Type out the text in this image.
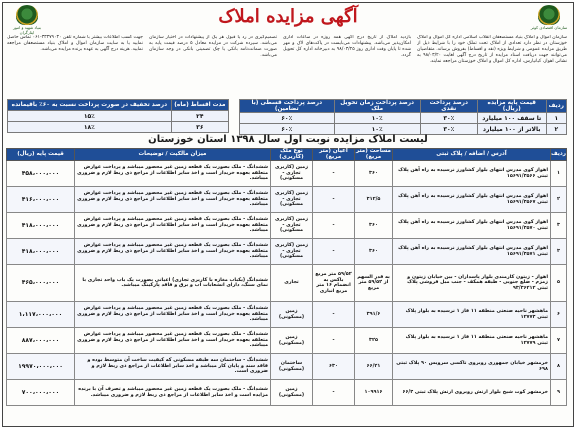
سازمان اقتصادی کوثر
آگهی مزایده املاک
بنیاد شهید و امور ایثارگران
سازمان اموال و املاک بنیاد مستضعفان انقلاب اسلامی اداره کل اموال و املاک خوزستان در نظر دارد تعدادی از املاک تحت تملک خود را با شرایط ذیل از طریق مزایده عمومی و شرایط ویژه (نقد و اقساط) بفروش برساند. متقاضیان می‌توانند جهت دریافت اسناد مزایده از تاریخ درج آگهی لغایت ۹۸/۰۳/۲۰ به نشانی اهواز، کیانپارس، اداره کل اموال و املاک خوزستان مراجعه نمایند.
بازدید املاک از تاریخ درج آگهی همه روزه در ساعات اداری امکان‌پذیر می‌باشد. پیشنهادات می‌بایست در پاکت‌های لاک و مهر شده تا پایان وقت اداری روز ۹۸/۰۳/۲۵ به دبیرخانه اداره کل تحویل گردد.
تصمیم‌گیری در رد یا قبول هر یک از پیشنهادات در اختیار سازمان می‌باشد. سپرده شرکت در مزایده معادل ۵ درصد قیمت پایه به صورت ضمانت‌نامه بانکی یا چک تضمینی بانکی در وجه سازمان می‌باشد.
جهت کسب اطلاعات بیشتر با شماره تلفن ۳۳۳۷۹۰۳۰-۰۶۱ تماس حاصل نمایید یا به سایت سازمان اموال و املاک بنیاد مستضعفان مراجعه نمایید. هزینه درج آگهی به عهده برنده مزایده می‌باشد.
ردیف	قیمت پایه مزایده (ریال)	درصد پرداخت نقدی	درصد پرداخت زمان تحویل ملک	درصد پرداخت قسطی (با تضامین)
۱	تا سقف ۱۰۰ میلیارد	۳۰٪	۱۰٪	۶۰٪
۲	بالاتر از ۱۰۰ میلیارد	۳۰٪	۱۰٪	۶۰٪
مدت اقساط (ماه)	درصد تخفیف در صورت پرداخت نسبت به ۶۰٪ باقیمانده
۲۴	۱۵٪
۳۶	۱۸٪
لیست املاک مزایده نوبت اول سال ۱۳۹۸ استان خوزستان
ردیف	آدرس / اضافه / پلاک ثبتی	مساحت (متر مربع)	اعیان (متر مربع)	نوع ملک (کاربری)	میزان مالکیت / توضیحات	قیمت پایه (ریال)
۱	اهواز کوی مدرس انتهای بلوار کشاورز نرسیده به راه آهن پلاک ثبتی ۱۵۶۹۱/۴۵۶۶	۳۶۰	-	زمین (کاربری تجاری - مسکونی)	ششدانگ - ملک بصورت یک قطعه زمین غیر محصور میباشد و پرداخت عوارض متعلقه بعهده خریدار است و اخذ سایر اطلاعات از مراجع ذی ربط لازم و ضروری میباشد.	۴۵۸،۰۰۰،۰۰۰
۲	اهواز کوی مدرس انتهای بلوار کشاورز نرسیده به راه آهن پلاک ثبتی ۱۵۶۹۱/۴۵۶۷	۴۱۲/۵	-	زمین (کاربری تجاری - مسکونی)	ششدانگ - ملک بصورت یک قطعه زمین غیر محصور میباشد و پرداخت عوارض متعلقه بعهده خریدار است و اخذ سایر اطلاعات از مراجع ذی ربط لازم و ضروری میباشد.	۴۱۶،۰۰۰،۰۰۰
۳	اهواز کوی مدرس انتهای بلوار کشاورز نرسیده به راه آهن پلاک ثبتی ۱۵۶۹۱/۴۵۷۰	۳۶۰	-	زمین (کاربری تجاری - مسکونی)	ششدانگ - ملک بصورت یک قطعه زمین غیر محصور میباشد و پرداخت عوارض متعلقه بعهده خریدار است و اخذ سایر اطلاعات از مراجع ذی ربط لازم و ضروری میباشد.	۴۱۸،۰۰۰،۰۰۰
۴	اهواز کوی مدرس انتهای بلوار کشاورز نرسیده به راه آهن پلاک ثبتی ۱۵۶۹۱/۴۵۷۱	۳۶۰	-	زمین (کاربری تجاری - مسکونی)	ششدانگ - ملک بصورت یک قطعه زمین غیر محصور میباشد و پرداخت عوارض متعلقه بعهده خریدار است و اخذ سایر اطلاعات از مراجع ذی ربط لازم و ضروری میباشد.	۴۱۸،۰۰۰،۰۰۰
۵	اهواز - زیتون کارمندی بلوار پاسداران - بین خیابان زیتون و زمزم - ضلع جنوبی - طبقه همکف - جنب مبل فروشی پلاک ثبتی ۹۳/۳۶۲۱۲	به قدر السهم از ۵۹/۵۲ متر مربع	۵۹/۵۲ متر مربع باکس به انضمام ۱۶ متر مربع انباری	تجاری	ششدانگ (یکباب مغازه با کاربری تجاری) اعیانی بصورت یک باب واحد تجاری با نمای سنگ، دارای انشعابات آب و برق و فاقد پارکینگ میباشد.	۴۶۵،۰۰۰،۰۰۰
۶	ماهشهر ناحیه صنعتی منطقه ۱۱ فاز ۱ نرسیده به بلوار پلاک ثبتی ۱۲۷۷۴	۳۹۱/۶	-	زمین (مسکونی)	ششدانگ - ملک بصورت یک قطعه زمین غیر محصور میباشد و پرداخت عوارض متعلقه بعهده خریدار است و اخذ سایر اطلاعات از مراجع ذی ربط لازم و ضروری میباشد.	۱،۱۱۷،۰۰۰،۰۰۰
۷	ماهشهر ناحیه صنعتی منطقه ۱۱ فاز ۱ نرسیده به بلوار پلاک ثبتی ۱۲۷۷۹	۳۲۵	-	زمین (مسکونی)	ششدانگ - ملک بصورت یک قطعه زمین غیر محصور میباشد و پرداخت عوارض متعلقه بعهده خریدار است و اخذ سایر اطلاعات از مراجع ذی ربط لازم و ضروری میباشد.	۸۸۷،۰۰۰،۰۰۰
۸	خرمشهر خیابان جمهوری روبروی تاکسی سرویس ۹۰ پلاک ثبتی ۶۹۸	۶۶/۲۱	۶۳۰	ساختمان (مسکونی)	ششدانگ - ساختمان سه طبقه مسکونی که کیفیت ساخت آن متوسط بوده و فاقد سند و پایان کار میباشد و اخذ سایر اطلاعات از مراجع ذی ربط لازم و ضروری است.	۱۹۹۷۰،۰۰۰،۰۰۰
۹	خرمشهر کوت شیخ بلوار ارتش روبروی ارتش پلاک ثبتی ۶۶/۴	۱۰۹۹۱۶	-	زمین (مسکونی)	ششدانگ - ملک بصورت یک قطعه زمین غیر محصور میباشد و تصرف آن با برنده مزایده است و اخذ سایر اطلاعات از مراجع ذی ربط لازم و ضروری میباشد.	۷۰۰،۰۰۰،۰۰۰
